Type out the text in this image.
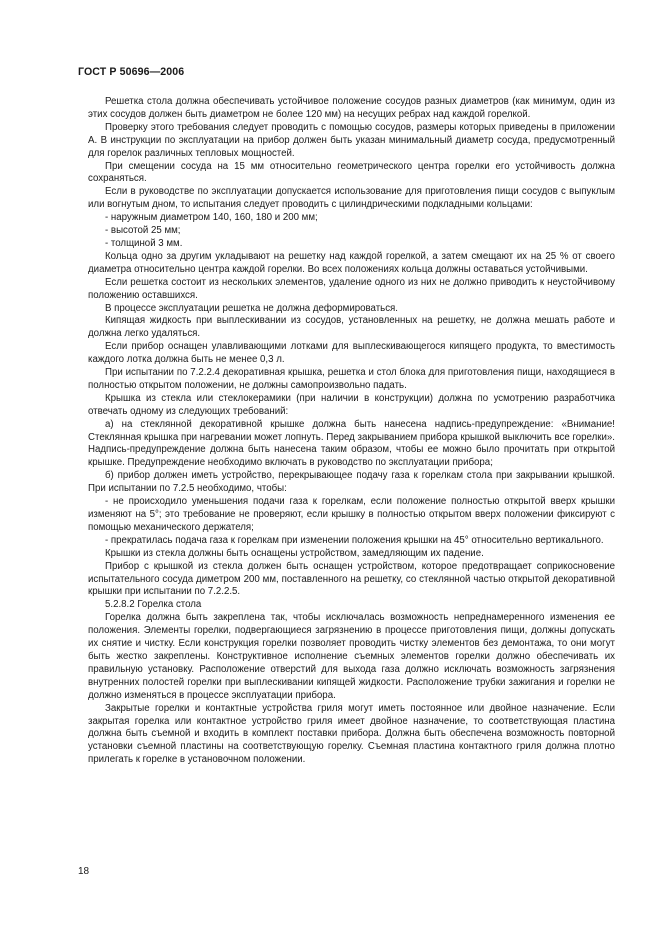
ГОСТ Р 50696—2006

Решетка стола должна обеспечивать устойчивое положение сосудов разных диаметров (как минимум, один из этих сосудов должен быть диаметром не более 120 мм) на несущих ребрах над каждой горелкой.

Проверку этого требования следует проводить с помощью сосудов, размеры которых приведены в приложении А. В инструкции по эксплуатации на прибор должен быть указан минимальный диаметр сосуда, предусмотренный для горелок различных тепловых мощностей.

При смещении сосуда на 15 мм относительно геометрического центра горелки его устойчивость должна сохраняться.

Если в руководстве по эксплуатации допускается использование для приготовления пищи сосудов с выпуклым или вогнутым дном, то испытания следует проводить с цилиндрическими подкладными кольцами:

- наружным диаметром 140, 160, 180 и 200 мм;

- высотой 25 мм;

- толщиной 3 мм.

Кольца одно за другим укладывают на решетку над каждой горелкой, а затем смещают их на 25 % от своего диаметра относительно центра каждой горелки. Во всех положениях кольца должны оставаться устойчивыми.

Если решетка состоит из нескольких элементов, удаление одного из них не должно приводить к неустойчивому положению оставшихся.

В процессе эксплуатации решетка не должна деформироваться.

Кипящая жидкость при выплескивании из сосудов, установленных на решетку, не должна мешать работе и должна легко удаляться.

Если прибор оснащен улавливающими лотками для выплескивающегося кипящего продукта, то вместимость каждого лотка должна быть не менее 0,3 л.

При испытании по 7.2.2.4 декоративная крышка, решетка и стол блока для приготовления пищи, находящиеся в полностью открытом положении, не должны самопроизвольно падать.

Крышка из стекла или стеклокерамики (при наличии в конструкции) должна по усмотрению разработчика отвечать одному из следующих требований:

а) на стеклянной декоративной крышке должна быть нанесена надпись-предупреждение: «Внимание! Стеклянная крышка при нагревании может лопнуть. Перед закрыванием прибора крышкой выключить все горелки». Надпись-предупреждение должна быть нанесена таким образом, чтобы ее можно было прочитать при открытой крышке. Предупреждение необходимо включать в руководство по эксплуатации прибора;

б) прибор должен иметь устройство, перекрывающее подачу газа к горелкам стола при закрывании крышкой. При испытании по 7.2.5 необходимо, чтобы:

- не происходило уменьшения подачи газа к горелкам, если положение полностью открытой вверх крышки изменяют на 5°; это требование не проверяют, если крышку в полностью открытом вверх положении фиксируют с помощью механического держателя;

- прекратилась подача газа к горелкам при изменении положения крышки на 45° относительно вертикального.

Крышки из стекла должны быть оснащены устройством, замедляющим их падение.

Прибор с крышкой из стекла должен быть оснащен устройством, которое предотвращает соприкосновение испытательного сосуда диметром 200 мм, поставленного на решетку, со стеклянной частью открытой декоративной крышки при испытании по 7.2.2.5.

5.2.8.2 Горелка стола

Горелка должна быть закреплена так, чтобы исключалась возможность непреднамеренного изменения ее положения. Элементы горелки, подвергающиеся загрязнению в процессе приготовления пищи, должны допускать их снятие и чистку. Если конструкция горелки позволяет проводить чистку элементов без демонтажа, то они могут быть жестко закреплены. Конструктивное исполнение съемных элементов горелки должно обеспечивать их правильную установку. Расположение отверстий для выхода газа должно исключать возможность загрязнения внутренних полостей горелки при выплескивании кипящей жидкости. Расположение трубки зажигания и горелки не должно изменяться в процессе эксплуатации прибора.

Закрытые горелки и контактные устройства гриля могут иметь постоянное или двойное назначение. Если закрытая горелка или контактное устройство гриля имеет двойное назначение, то соответствующая пластина должна быть съемной и входить в комплект поставки прибора. Должна быть обеспечена возможность повторной установки съемной пластины на соответствующую горелку. Съемная пластина контактного гриля должна плотно прилегать к горелке в установочном положении.

18
